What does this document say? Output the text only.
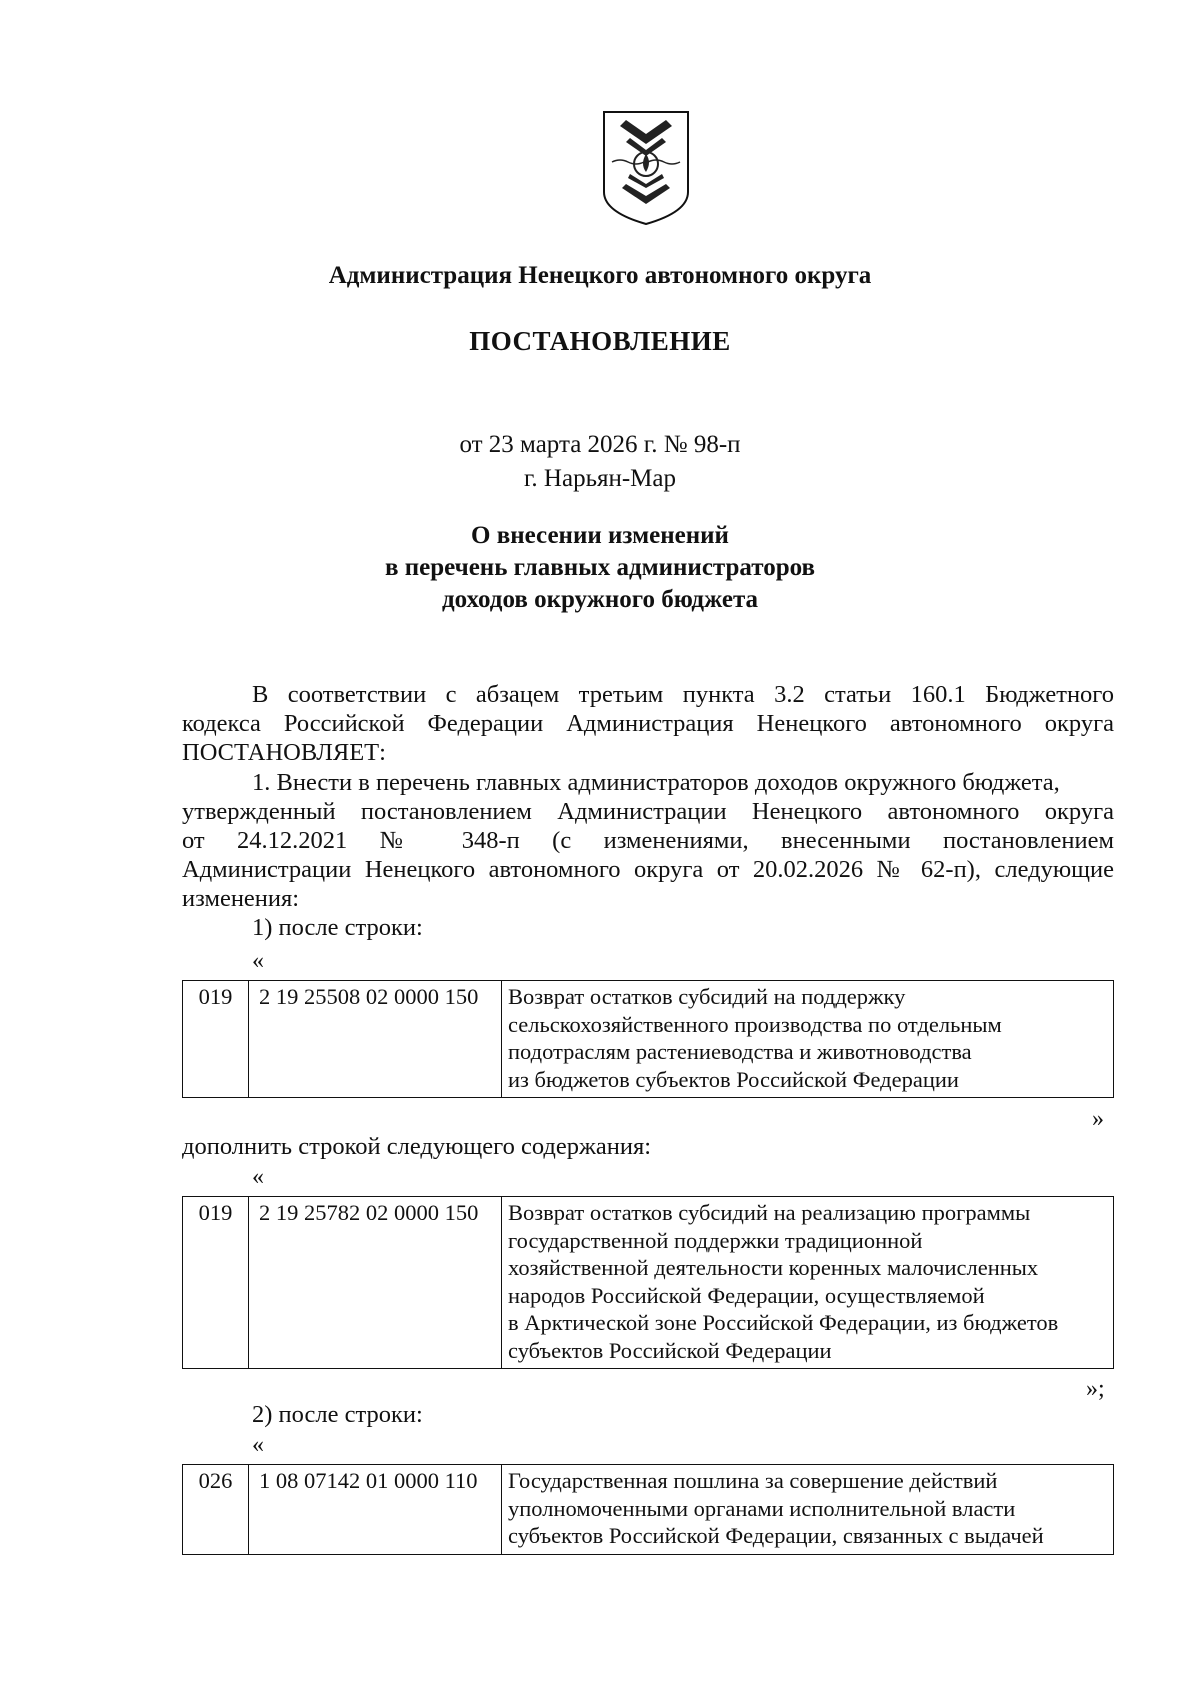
Администрация Ненецкого автономного округа
ПОСТАНОВЛЕНИЕ
от 23 марта 2026 г. № 98-п
г. Нарьян-Мар
О внесении изменений
в перечень главных администраторов
доходов окружного бюджета
В соответствии с абзацем третьим пункта 3.2 статьи 160.1 Бюджетного
кодекса Российской Федерации Администрация Ненецкого автономного округа
ПОСТАНОВЛЯЕТ:
1. Внести в перечень главных администраторов доходов окружного бюджета,
утвержденный постановлением Администрации Ненецкого автономного округа
от 24.12.2021 № 348-п (с изменениями, внесенными постановлением
Администрации Ненецкого автономного округа от 20.02.2026 № 62-п), следующие
изменения:
1) после строки:
«
019	2 19 25508 02 0000 150	Возврат остатков субсидий на поддержку
сельскохозяйственного производства по отдельным
подотраслям растениеводства и животноводства
из бюджетов субъектов Российской Федерации
»
дополнить строкой следующего содержания:
«
019	2 19 25782 02 0000 150	Возврат остатков субсидий на реализацию программы
государственной поддержки традиционной
хозяйственной деятельности коренных малочисленных
народов Российской Федерации, осуществляемой
в Арктической зоне Российской Федерации, из бюджетов
субъектов Российской Федерации
»;
2) после строки:
«
026	1 08 07142 01 0000 110	Государственная пошлина за совершение действий
уполномоченными органами исполнительной власти
субъектов Российской Федерации, связанных с выдачей
